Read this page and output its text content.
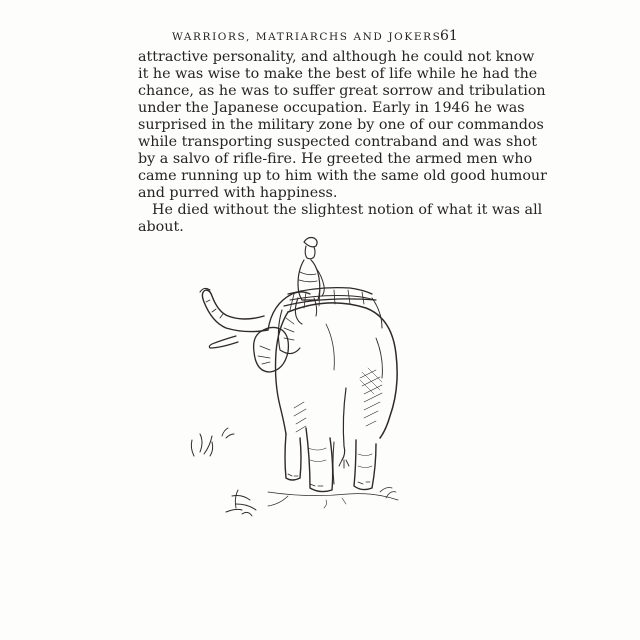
WARRIORS, MATRIARCHS AND JOKERS
61

attractive personality, and although he could not know
it he was wise to make the best of life while he had the
chance, as he was to suffer great sorrow and tribulation
under the Japanese occupation. Early in 1946 he was
surprised in the military zone by one of our commandos
while transporting suspected contraband and was shot
by a salvo of rifle-fire. He greeted the armed men who
came running up to him with the same old good humour
and purred with happiness.

He died without the slightest notion of what it was all
about.
